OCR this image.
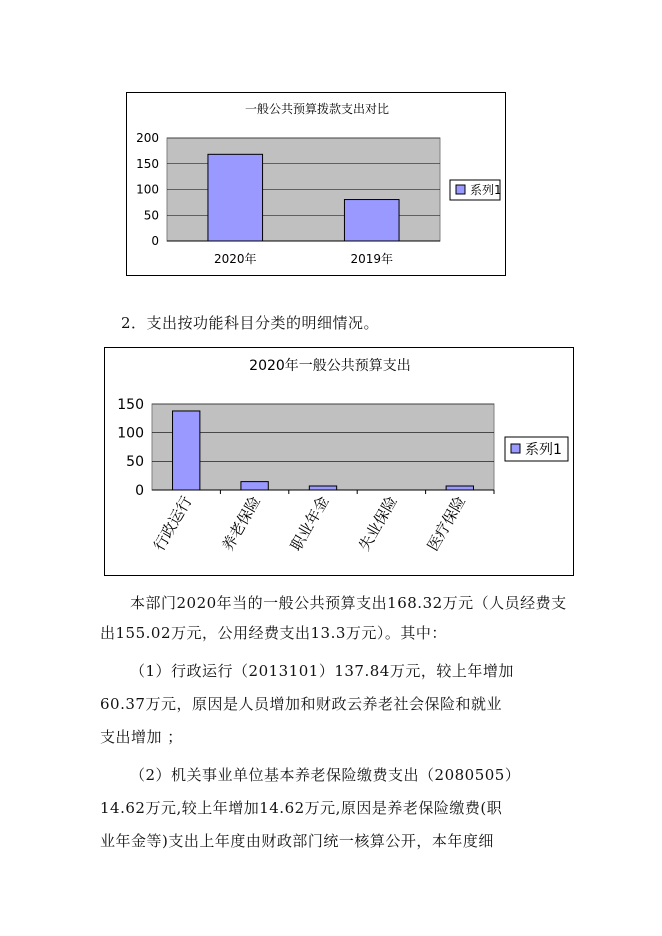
一般公共预算拨款支出对比
0
50
100
150
200
2020年	2019年
系列1
2．支出按功能科目分类的明细情况。
2020年一般公共预算支出
0
50
100
150
行政运行 养老保险 职业年金 失业保险 医疗保险
系列1

本部门2020年当的一般公共预算支出168.32万元（人员经费支出155.02万元，公用经费支出13.3万元）。其中：

（1）行政运行（2013101）137.84万元，较上年增加
60.37万元，原因是人员增加和财政云养老社会保险和就业
支出增加 ；
（2）机关事业单位基本养老保险缴费支出（2080505）
14.62万元,较上年增加14.62万元,原因是养老保险缴费(职
业年金等)支出上年度由财政部门统一核算公开，本年度细
